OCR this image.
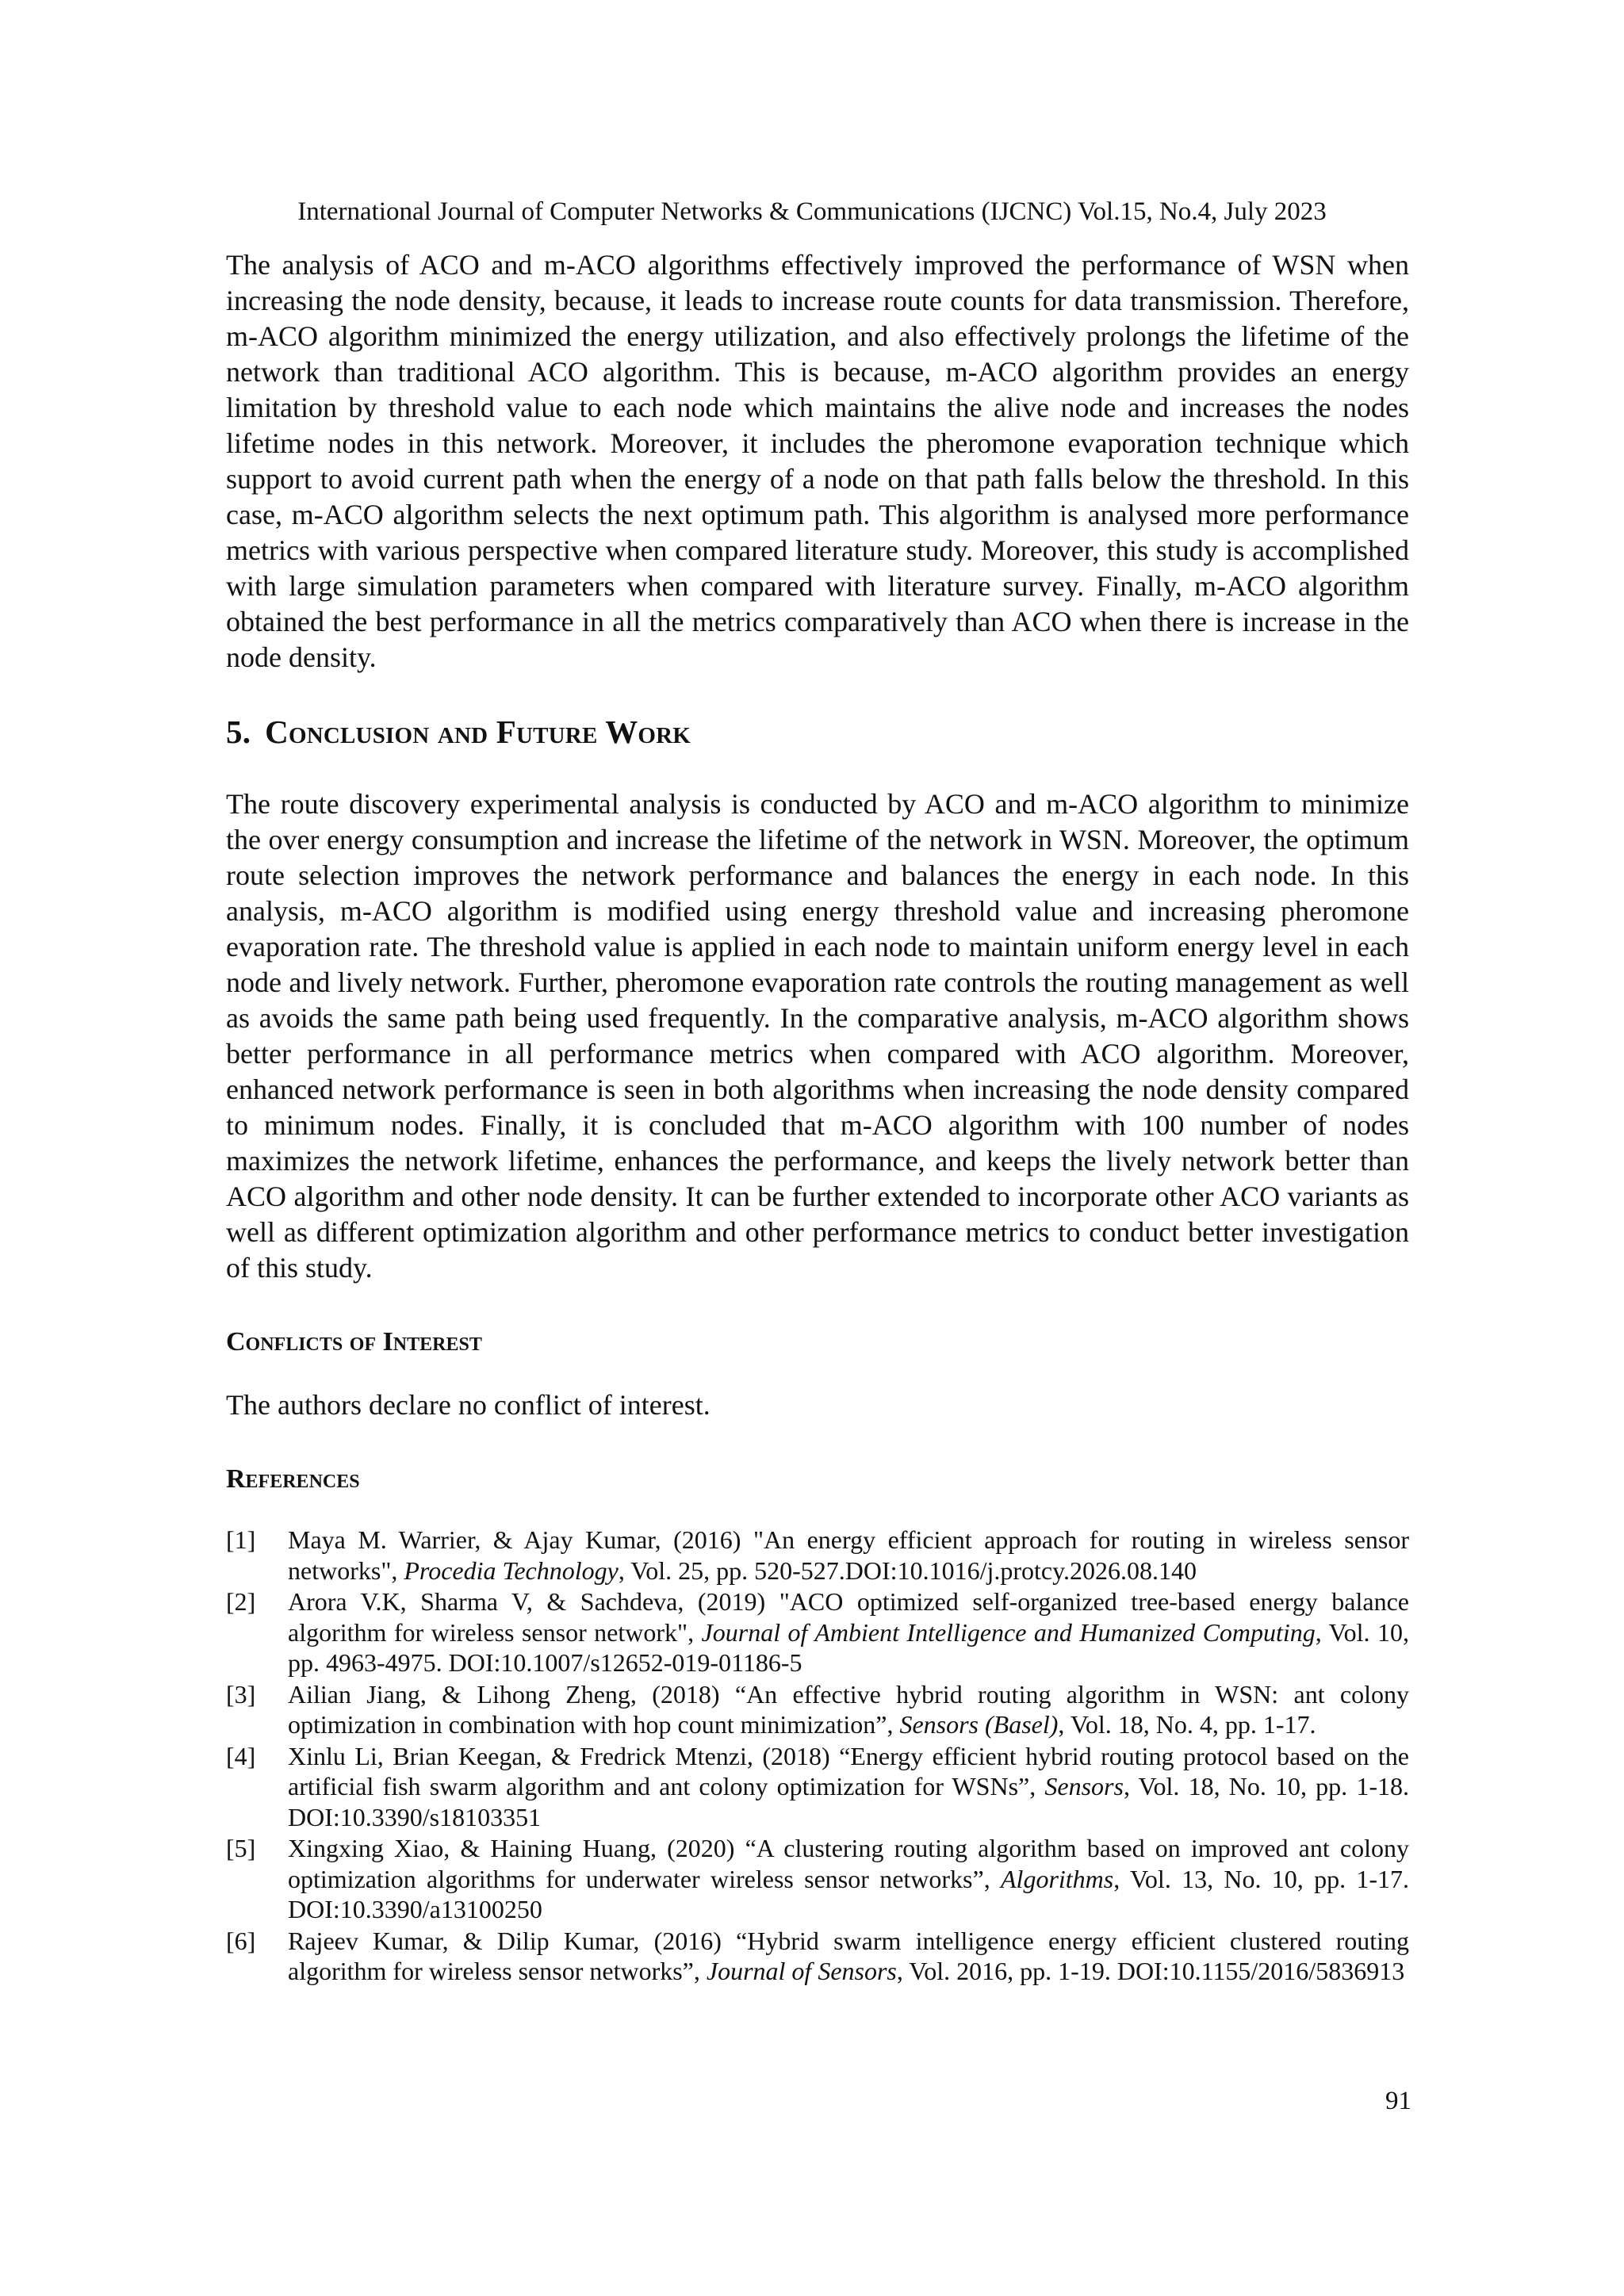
International Journal of Computer Networks & Communications (IJCNC) Vol.15, No.4, July 2023

The analysis of ACO and m-ACO algorithms effectively improved the performance of WSN when increasing the node density, because, it leads to increase route counts for data transmission. Therefore, m-ACO algorithm minimized the energy utilization, and also effectively prolongs the lifetime of the network than traditional ACO algorithm. This is because, m-ACO algorithm provides an energy limitation by threshold value to each node which maintains the alive node and increases the nodes lifetime nodes in this network. Moreover, it includes the pheromone evaporation technique which support to avoid current path when the energy of a node on that path falls below the threshold. In this case, m-ACO algorithm selects the next optimum path. This algorithm is analysed more performance metrics with various perspective when compared literature study. Moreover, this study is accomplished with large simulation parameters when compared with literature survey. Finally, m-ACO algorithm obtained the best performance in all the metrics comparatively than ACO when there is increase in the node density.

5. Conclusion and Future Work

The route discovery experimental analysis is conducted by ACO and m-ACO algorithm to minimize the over energy consumption and increase the lifetime of the network in WSN. Moreover, the optimum route selection improves the network performance and balances the energy in each node. In this analysis, m-ACO algorithm is modified using energy threshold value and increasing pheromone evaporation rate. The threshold value is applied in each node to maintain uniform energy level in each node and lively network. Further, pheromone evaporation rate controls the routing management as well as avoids the same path being used frequently. In the comparative analysis, m-ACO algorithm shows better performance in all performance metrics when compared with ACO algorithm. Moreover, enhanced network performance is seen in both algorithms when increasing the node density compared to minimum nodes. Finally, it is concluded that m-ACO algorithm with 100 number of nodes maximizes the network lifetime, enhances the performance, and keeps the lively network better than ACO algorithm and other node density. It can be further extended to incorporate other ACO variants as well as different optimization algorithm and other performance metrics to conduct better investigation of this study.

Conflicts of Interest

The authors declare no conflict of interest.

References
[1] Maya M. Warrier, & Ajay Kumar, (2016) "An energy efficient approach for routing in wireless sensor networks", Procedia Technology, Vol. 25, pp. 520-527.DOI:10.1016/j.protcy.2026.08.140
[2] Arora V.K, Sharma V, & Sachdeva, (2019) "ACO optimized self-organized tree-based energy balance algorithm for wireless sensor network", Journal of Ambient Intelligence and Humanized Computing, Vol. 10, pp. 4963-4975. DOI:10.1007/s12652-019-01186-5
[3] Ailian Jiang, & Lihong Zheng, (2018) “An effective hybrid routing algorithm in WSN: ant colony optimization in combination with hop count minimization”, Sensors (Basel), Vol. 18, No. 4, pp. 1-17.
[4] Xinlu Li, Brian Keegan, & Fredrick Mtenzi, (2018) “Energy efficient hybrid routing protocol based on the artificial fish swarm algorithm and ant colony optimization for WSNs”, Sensors, Vol. 18, No. 10, pp. 1-18. DOI:10.3390/s18103351
[5] Xingxing Xiao, & Haining Huang, (2020) “A clustering routing algorithm based on improved ant colony optimization algorithms for underwater wireless sensor networks”, Algorithms, Vol. 13, No. 10, pp. 1-17. DOI:10.3390/a13100250
[6] Rajeev Kumar, & Dilip Kumar, (2016) “Hybrid swarm intelligence energy efficient clustered routing algorithm for wireless sensor networks”, Journal of Sensors, Vol. 2016, pp. 1-19. DOI:10.1155/2016/5836913
91
